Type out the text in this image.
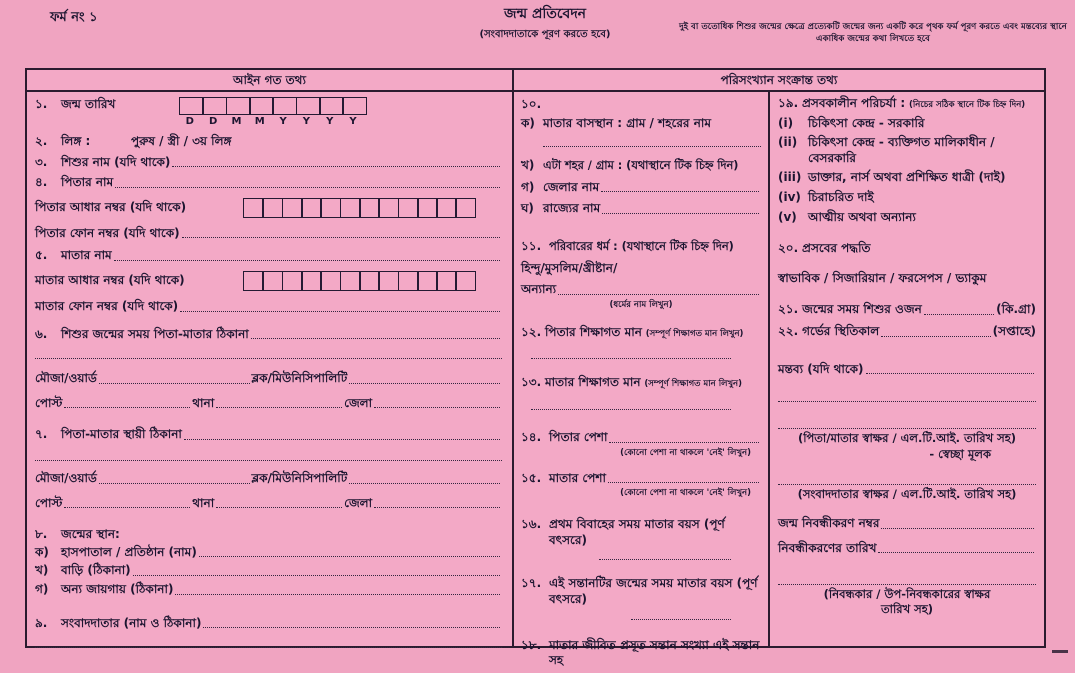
ফর্ম নং ১	জন্ম প্রতিবেদন
(সংবাদদাতাকে পূরণ করতে হবে)
দুই বা ততোধিক শিশুর জন্মের ক্ষেত্রে প্রত্যেকটি জন্মের জন্য একটি করে পৃথক ফর্ম পূরণ করতে এবং মন্তব্যের স্থানে একাধিক জন্মের কথা লিখতে হবে
আইন গত তথ্য	পরিসংখ্যান সংক্রান্ত তথ্য
১.	জন্ম তারিখ
D	D	M	M	Y	Y	Y	Y
২.	লিঙ্গ :	পুরুষ / স্ত্রী / ৩য় লিঙ্গ
৩.	শিশুর নাম (যদি থাকে)
৪.	পিতার নাম
পিতার আধার নম্বর (যদি থাকে)
পিতার ফোন নম্বর (যদি থাকে)
৫.	মাতার নাম
মাতার আধার নম্বর (যদি থাকে)
মাতার ফোন নম্বর (যদি থাকে)
৬.	শিশুর জন্মের সময় পিতা-মাতার ঠিকানা
মৌজা/ওয়ার্ড	ব্লক/মিউনিসিপালিটি
পোস্ট	থানা	জেলা
৭.	পিতা-মাতার স্থায়ী ঠিকানা
মৌজা/ওয়ার্ড	ব্লক/মিউনিসিপালিটি
পোস্ট	থানা	জেলা
৮.	জন্মের স্থান:
ক)	হাসপাতাল / প্রতিষ্ঠান (নাম)
খ)	বাড়ি (ঠিকানা)
গ)	অন্য জায়গায় (ঠিকানা)
৯.	সংবাদদাতার (নাম ও ঠিকানা)
১০.
ক) মাতার বাসস্থান : গ্রাম / শহরের নাম
খ) এটা শহর / গ্রাম : (যথাস্থানে টিক চিহ্ন দিন)
গ) জেলার নাম
ঘ) রাজ্যের নাম
১১. পরিবারের ধর্ম : (যথাস্থানে টিক চিহ্ন দিন)
হিন্দু/মুসলিম/খ্রীষ্টান/
অন্যান্য
(ধর্মের নাম লিখুন)
১২. পিতার শিক্ষাগত মান (সম্পূর্ণ শিক্ষাগত মান লিখুন)
১৩. মাতার শিক্ষাগত মান (সম্পূর্ণ শিক্ষাগত মান লিখুন)
১৪. পিতার পেশা
(কোনো পেশা না থাকলে 'নেই' লিখুন)
১৫. মাতার পেশা
(কোনো পেশা না থাকলে 'নেই' লিখুন)
১৬. প্রথম বিবাহের সময় মাতার বয়স (পূর্ণ বৎসরে)
১৭. এই সন্তানটির জন্মের সময় মাতার বয়স (পূর্ণ বৎসরে)
১৮. মাতার জীবিত প্রসূত সন্তান সংখ্যা এই সন্তান সহ
১৯. প্রসবকালীন পরিচর্যা : (নিচের সঠিক স্থানে টিক চিহ্ন দিন)
(i)	চিকিৎসা কেন্দ্র - সরকারি
(ii) চিকিৎসা কেন্দ্র - ব্যক্তিগত মালিকাধীন / বেসরকারি
(iii) ডাক্তার, নার্স অথবা প্রশিক্ষিত ধাত্রী (দাই)
(iv) চিরাচরিত দাই
(v) আত্মীয় অথবা অন্যান্য
২০. প্রসবের পদ্ধতি
স্বাভাবিক / সিজারিয়ান / ফরসেপস / ভ্যাকুম
২১. জন্মের সময় শিশুর ওজন	(কি.গ্রা)
২২. গর্ভের স্থিতিকাল	(সপ্তাহে)
মন্তব্য (যদি থাকে)
(পিতা/মাতার স্বাক্ষর / এল.টি.আই. তারিখ সহ)
- স্বেচ্ছা মূলক
(সংবাদদাতার স্বাক্ষর / এল.টি.আই. তারিখ সহ)
জন্ম নিবন্ধীকরণ নম্বর
নিবন্ধীকরণের তারিখ
(নিবন্ধকার / উপ-নিবন্ধকারের স্বাক্ষর
তারিখ সহ)
